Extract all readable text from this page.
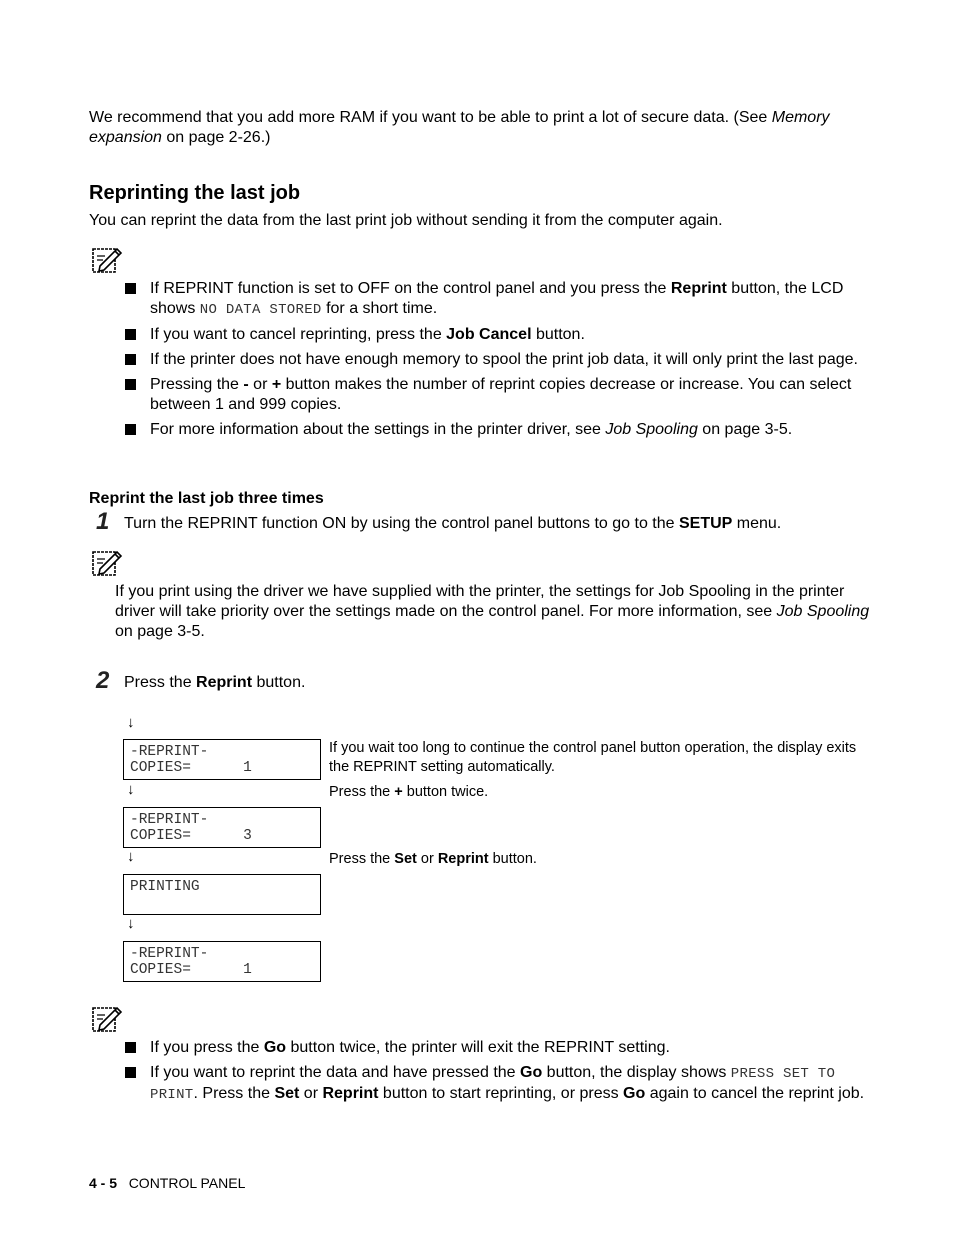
We recommend that you add more RAM if you want to be able to print a lot of secure data. (See Memory expansion on page 2-26.)

Reprinting the last job

You can reprint the data from the last print job without sending it from the computer again.

If REPRINT function is set to OFF on the control panel and you press the Reprint button, the LCD shows NO DATA STORED for a short time.
If you want to cancel reprinting, press the Job Cancel button.
If the printer does not have enough memory to spool the print job data, it will only print the last page.
Pressing the - or + button makes the number of reprint copies decrease or increase. You can select between 1 and 999 copies.
For more information about the settings in the printer driver, see Job Spooling on page 3-5.
Reprint the last job three times
1 Turn the REPRINT function ON by using the control panel buttons to go to the SETUP menu.

If you print using the driver we have supplied with the printer, the settings for Job Spooling in the printer driver will take priority over the settings made on the control panel. For more information, see Job Spooling on page 3-5.

2 Press the Reprint button.

↓
-REPRINT-
COPIES=      1
↓
-REPRINT-
COPIES=      3
↓
PRINTING
↓
-REPRINT-
COPIES=      1
If you wait too long to continue the control panel button operation, the display exits the REPRINT setting automatically.
Press the + button twice.
Press the Set or Reprint button.
If you press the Go button twice, the printer will exit the REPRINT setting.
If you want to reprint the data and have pressed the Go button, the display shows PRESS SET TO PRINT. Press the Set or Reprint button to start reprinting, or press Go again to cancel the reprint job.
4 - 5 CONTROL PANEL
